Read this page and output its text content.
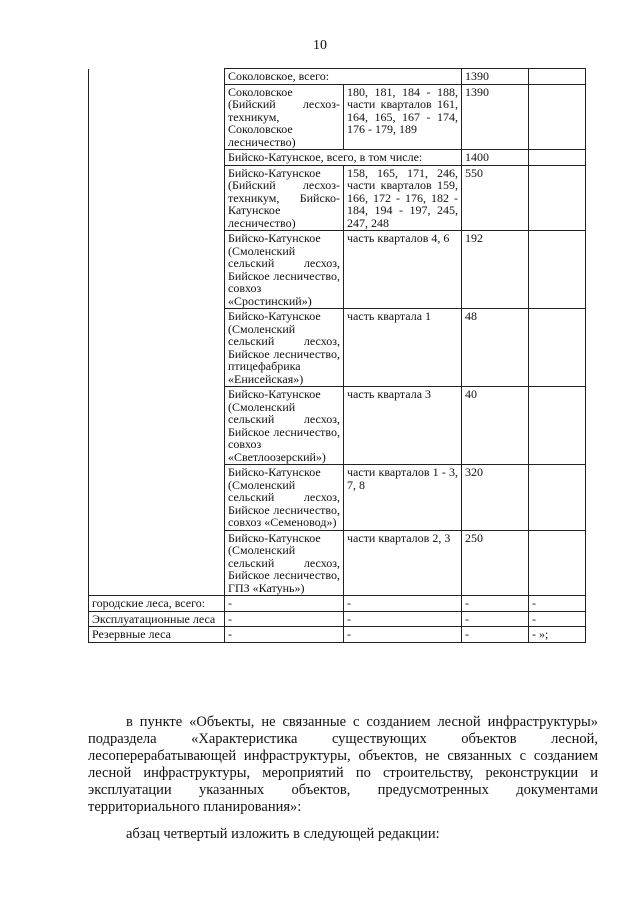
10
	Соколовское, всего:		1390	
	Соколовское (Бийский лесхоз-техникум, Соколовское лесничество)	180, 181, 184 - 188, части кварталов 161, 164, 165, 167 - 174, 176 - 179, 189	1390	
	Бийско-Катунское, всего, в том числе:		1400	
	Бийско-Катунское (Бийский лесхоз-техникум, Бийско-Катунское лесничество)	158, 165, 171, 246, части кварталов 159, 166, 172 - 176, 182 - 184, 194 - 197, 245, 247, 248	550	
	Бийско-Катунское (Смоленский сельский лесхоз, Бийское лесничество, совхоз «Сростинский»)	часть кварталов 4, 6	192	
	Бийско-Катунское (Смоленский сельский лесхоз, Бийское лесничество, птицефабрика «Енисейская»)	часть квартала 1	48	
	Бийско-Катунское (Смоленский сельский лесхоз, Бийское лесничество, совхоз «Светлоозерский»)	часть квартала 3	40	
	Бийско-Катунское (Смоленский сельский лесхоз, Бийское лесничество, совхоз «Семеновод»)	части кварталов 1 - 3, 7, 8	320	
	Бийско-Катунское (Смоленский сельский лесхоз, Бийское лесничество, ГПЗ «Катунь»)	части кварталов 2, 3	250	
городские леса, всего:	-	-	-	-
Эксплуатационные леса	-	-	-	-
Резервные леса	-	-	-	- »;
в пункте «Объекты, не связанные с созданием лесной инфраструктуры» подраздела «Характеристика существующих объектов лесной, лесоперерабатывающей инфраструктуры, объектов, не связанных с созданием лесной инфраструктуры, мероприятий по строительству, реконструкции и эксплуатации указанных объектов, предусмотренных документами территориального планирования»:
абзац четвертый изложить в следующей редакции:
